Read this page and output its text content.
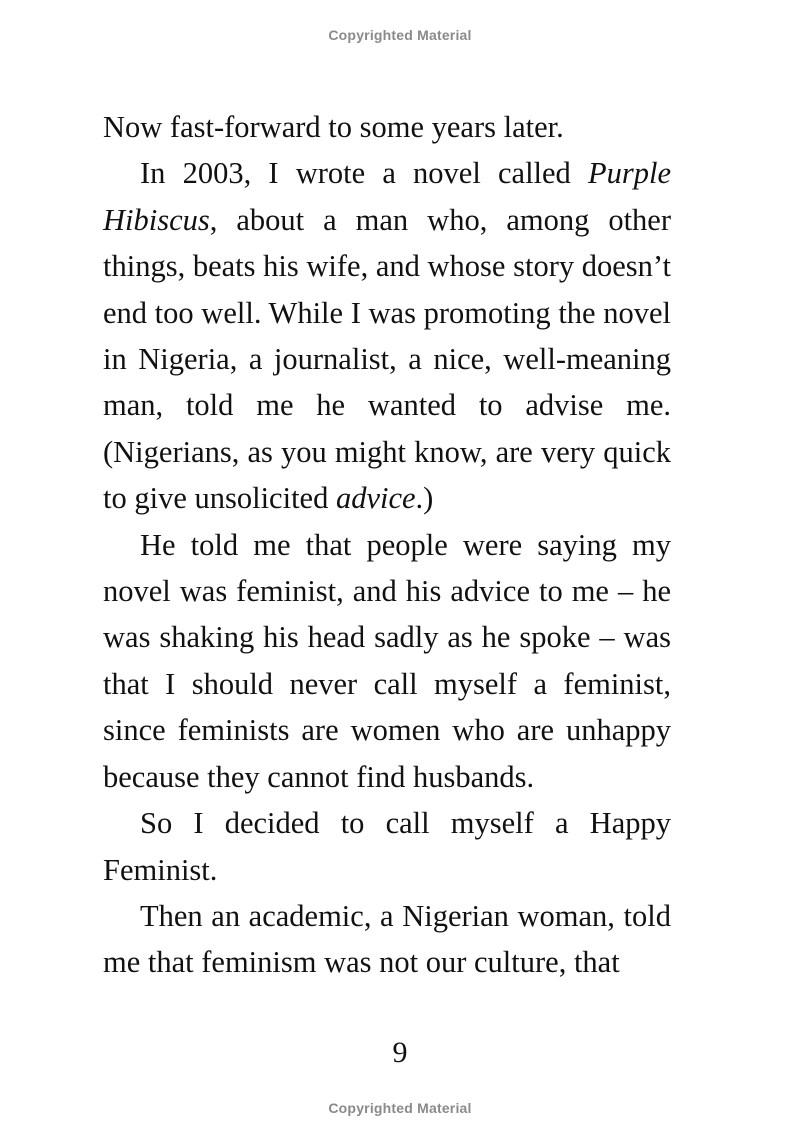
Copyrighted Material

Now fast-forward to some years later.

In 2003, I wrote a novel called Purple Hibiscus, about a man who, among other things, beats his wife, and whose story doesn’t end too well. While I was promoting the novel in Nigeria, a journalist, a nice, well-meaning man, told me he wanted to advise me. (Nigerians, as you might know, are very quick to give unsolicited advice.)

He told me that people were saying my novel was feminist, and his advice to me – he was shaking his head sadly as he spoke – was that I should never call myself a feminist, since feminists are women who are unhappy because they cannot find husbands.

So I decided to call myself a Happy Feminist.

Then an academic, a Nigerian woman, told me that feminism was not our culture, that

9
Copyrighted Material
